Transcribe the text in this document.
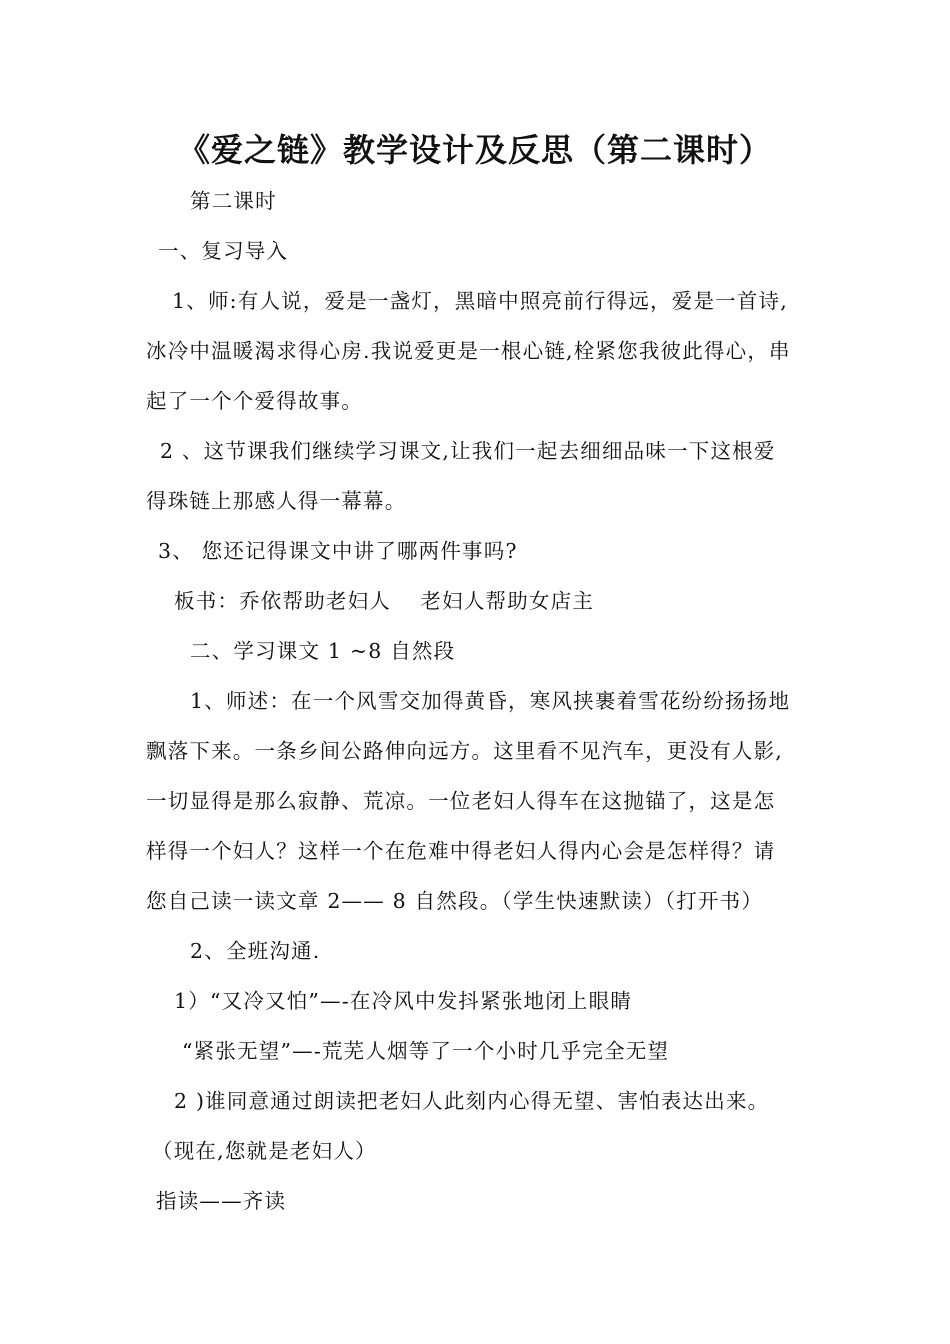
《爱之链》教学设计及反思（第二课时）
第二课时
一、复习导入
1、师:有人说，爱是一盏灯，黑暗中照亮前行得远，爱是一首诗,
冰冷中温暖渴求得心房.我说爱更是一根心链,栓紧您我彼此得心，串
起了一个个爱得故事。
2 、这节课我们继续学习课文,让我们一起去细细品味一下这根爱
得珠链上那感人得一幕幕。
3、 您还记得课文中讲了哪两件事吗?
板书：乔依帮助老妇人　 老妇人帮助女店主
二、学习课文 1 ~8 自然段
1、师述：在一个风雪交加得黄昏，寒风挟裹着雪花纷纷扬扬地
飘落下来。一条乡间公路伸向远方。这里看不见汽车，更没有人影,
一切显得是那么寂静、荒凉。一位老妇人得车在这抛锚了，这是怎
样得一个妇人？这样一个在危难中得老妇人得内心会是怎样得？请
您自己读一读文章 2—— 8 自然段。（学生快速默读）（打开书）
2、全班沟通.
1）“又冷又怕”—-在冷风中发抖紧张地闭上眼睛
“紧张无望”—-荒芜人烟等了一个小时几乎完全无望
2 )谁同意通过朗读把老妇人此刻内心得无望、害怕表达出来。
（现在,您就是老妇人）
指读——齐读
